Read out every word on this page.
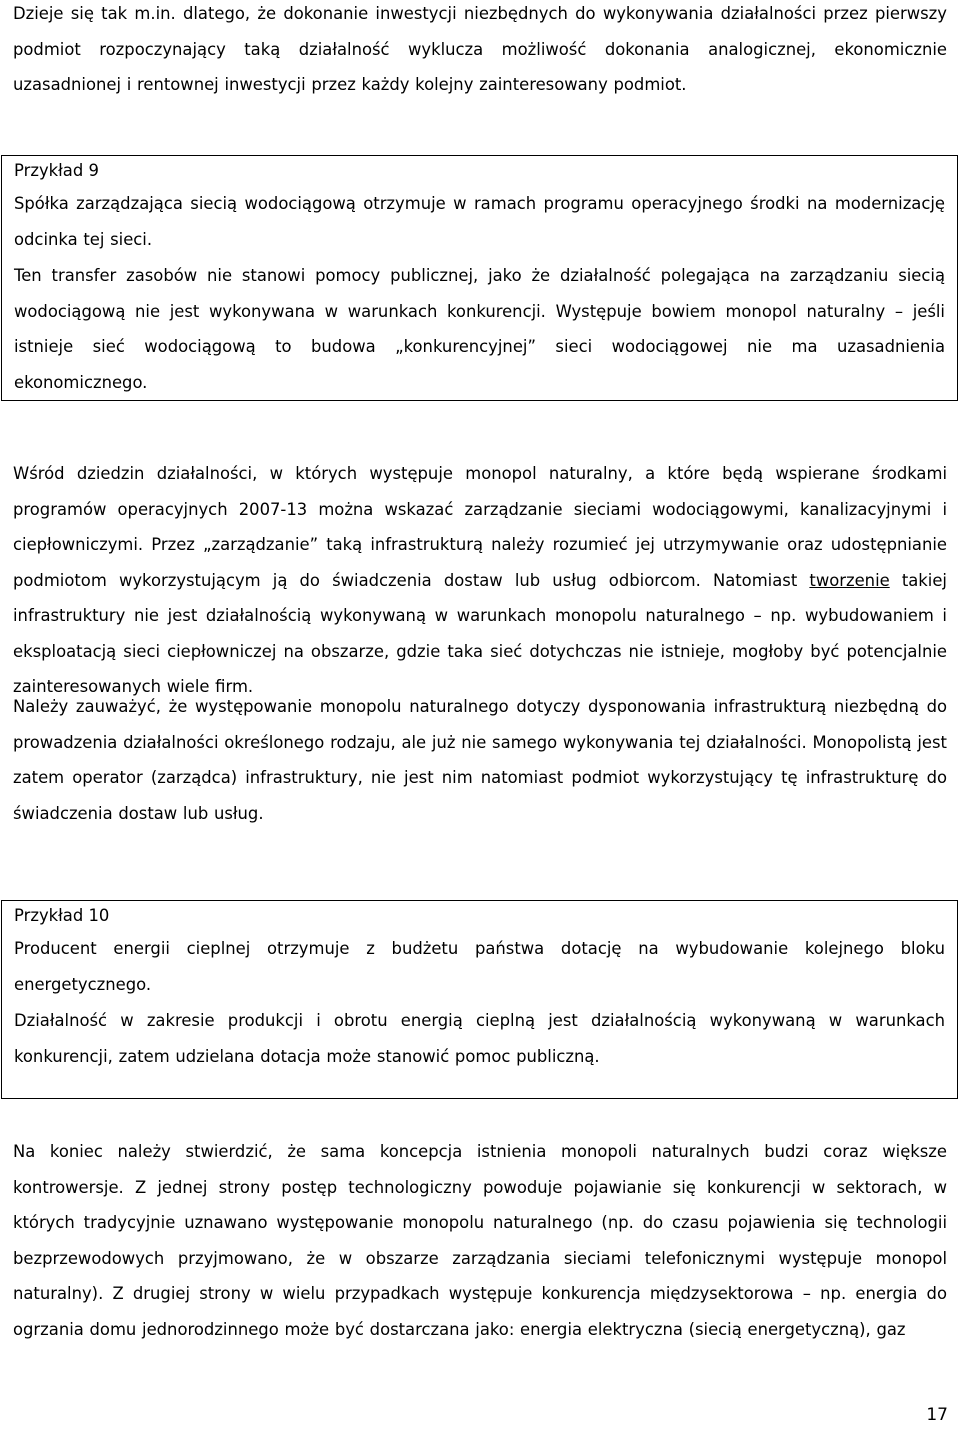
Dzieje się tak m.in. dlatego, że dokonanie inwestycji niezbędnych do wykonywania działalności przez pierwszy podmiot rozpoczynający taką działalność wyklucza możliwość dokonania analogicznej, ekonomicznie uzasadnionej i rentownej inwestycji przez każdy kolejny zainteresowany podmiot.

Przykład 9

Spółka zarządzająca siecią wodociągową otrzymuje w ramach programu operacyjnego środki na modernizację odcinka tej sieci.

Ten transfer zasobów nie stanowi pomocy publicznej, jako że działalność polegająca na zarządzaniu siecią wodociągową nie jest wykonywana w warunkach konkurencji. Występuje bowiem monopol naturalny – jeśli istnieje sieć wodociągową to budowa „konkurencyjnej” sieci wodociągowej nie ma uzasadnienia ekonomicznego.

Wśród dziedzin działalności, w których występuje monopol naturalny, a które będą wspierane środkami programów operacyjnych 2007-13 można wskazać zarządzanie sieciami wodociągowymi, kanalizacyjnymi i ciepłowniczymi. Przez „zarządzanie” taką infrastrukturą należy rozumieć jej utrzymywanie oraz udostępnianie podmiotom wykorzystującym ją do świadczenia dostaw lub usług odbiorcom. Natomiast tworzenie takiej infrastruktury nie jest działalnością wykonywaną w warunkach monopolu naturalnego – np. wybudowaniem i eksploatacją sieci ciepłowniczej na obszarze, gdzie taka sieć dotychczas nie istnieje, mogłoby być potencjalnie zainteresowanych wiele firm.

Należy zauważyć, że występowanie monopolu naturalnego dotyczy dysponowania infrastrukturą niezbędną do prowadzenia działalności określonego rodzaju, ale już nie samego wykonywania tej działalności. Monopolistą jest zatem operator (zarządca) infrastruktury, nie jest nim natomiast podmiot wykorzystujący tę infrastrukturę do świadczenia dostaw lub usług.

Przykład 10

Producent energii cieplnej otrzymuje z budżetu państwa dotację na wybudowanie kolejnego bloku energetycznego.

Działalność w zakresie produkcji i obrotu energią cieplną jest działalnością wykonywaną w warunkach konkurencji, zatem udzielana dotacja może stanowić pomoc publiczną.

Na koniec należy stwierdzić, że sama koncepcja istnienia monopoli naturalnych budzi coraz większe kontrowersje. Z jednej strony postęp technologiczny powoduje pojawianie się konkurencji w sektorach, w których tradycyjnie uznawano występowanie monopolu naturalnego (np. do czasu pojawienia się technologii bezprzewodowych przyjmowano, że w obszarze zarządzania sieciami telefonicznymi występuje monopol naturalny). Z drugiej strony w wielu przypadkach występuje konkurencja międzysektorowa – np. energia do ogrzania domu jednorodzinnego może być dostarczana jako: energia elektryczna (siecią energetyczną), gaz

17
